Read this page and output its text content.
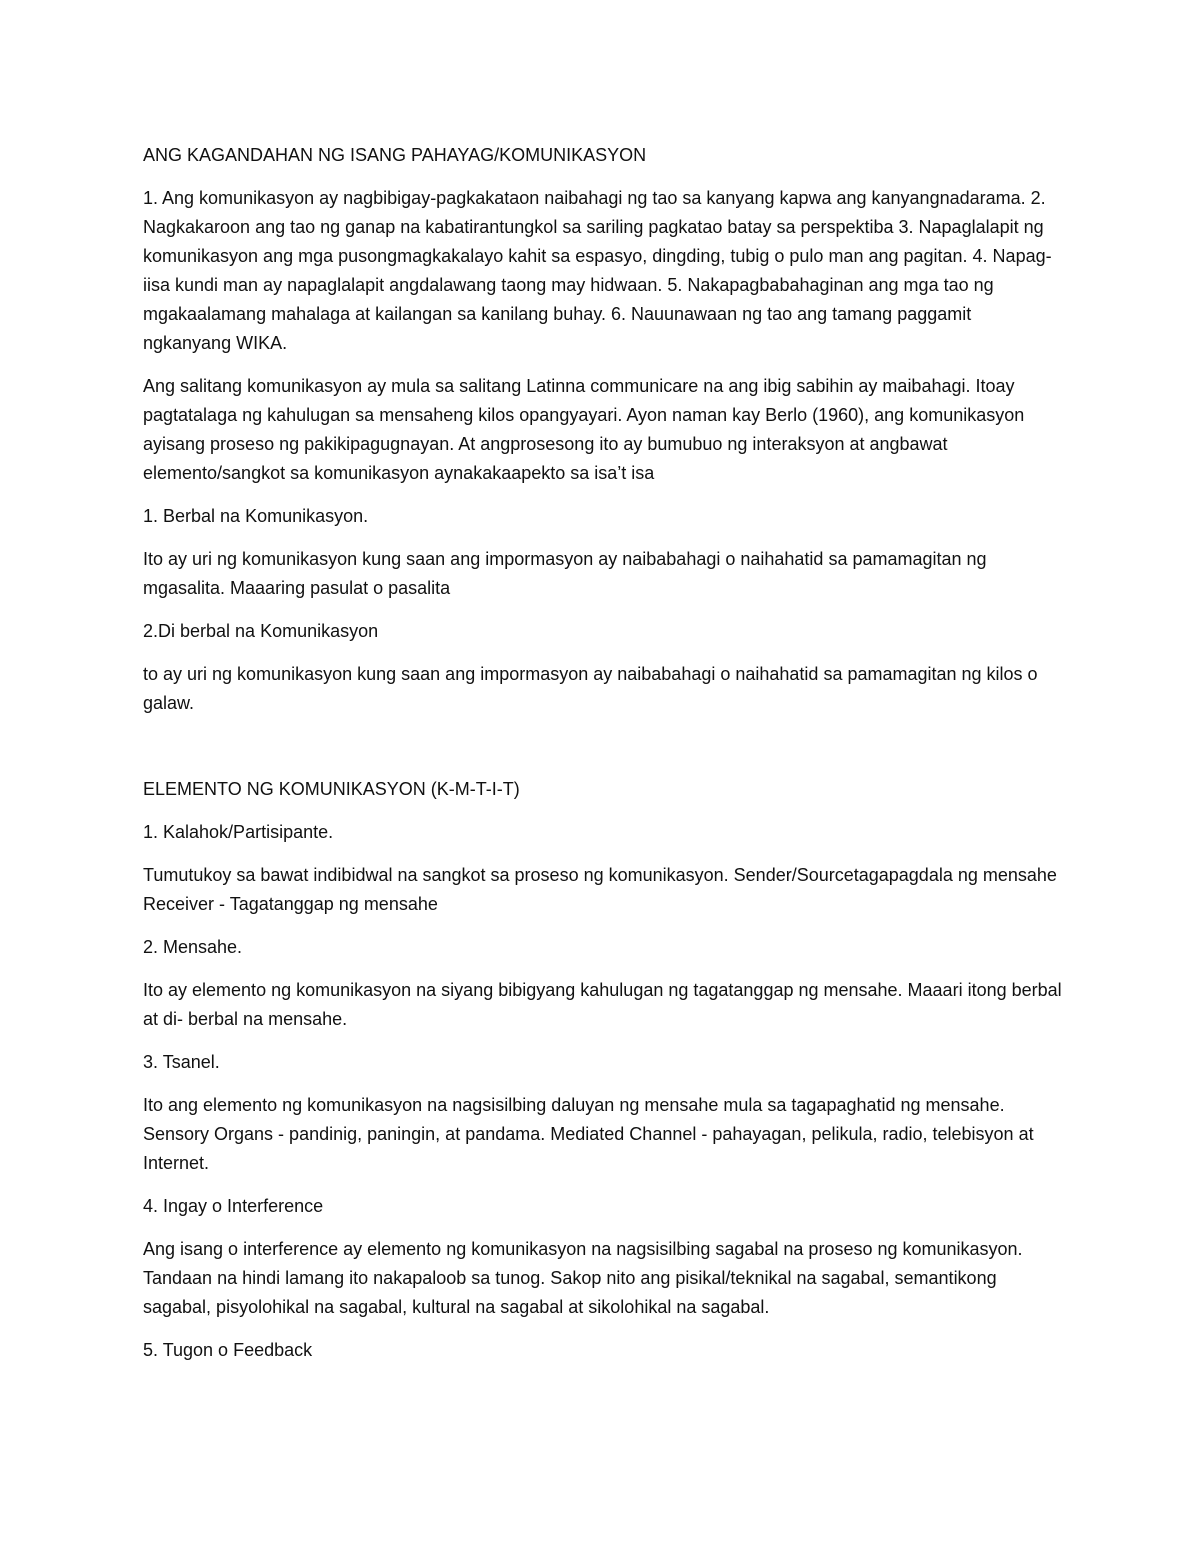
ANG KAGANDAHAN NG ISANG PAHAYAG/KOMUNIKASYON

1. Ang komunikasyon ay nagbibigay-pagkakataon naibahagi ng tao sa kanyang kapwa ang kanyangnadarama. 2. Nagkakaroon ang tao ng ganap na kabatirantungkol sa sariling pagkatao batay sa perspektiba 3. Napaglalapit ng komunikasyon ang mga pusongmagkakalayo kahit sa espasyo, dingding, tubig o pulo man ang pagitan. 4. Napag-iisa kundi man ay napaglalapit angdalawang taong may hidwaan. 5. Nakapagbabahaginan ang mga tao ng mgakaalamang mahalaga at kailangan sa kanilang buhay. 6. Nauunawaan ng tao ang tamang paggamit ngkanyang WIKA.

Ang salitang komunikasyon ay mula sa salitang Latinna communicare na ang ibig sabihin ay maibahagi. Itoay pagtatalaga ng kahulugan sa mensaheng kilos opangyayari. Ayon naman kay Berlo (1960), ang komunikasyon ayisang proseso ng pakikipagugnayan. At angprosesong ito ay bumubuo ng interaksyon at angbawat elemento/sangkot sa komunikasyon aynakakaapekto sa isa’t isa

1. Berbal na Komunikasyon.

Ito ay uri ng komunikasyon kung saan ang impormasyon ay naibabahagi o naihahatid sa pamamagitan ng mgasalita. Maaaring pasulat o pasalita

2.Di berbal na Komunikasyon

to ay uri ng komunikasyon kung saan ang impormasyon ay naibabahagi o naihahatid sa pamamagitan ng kilos o galaw.

ELEMENTO NG KOMUNIKASYON (K-M-T-I-T)

1. Kalahok/Partisipante.

Tumutukoy sa bawat indibidwal na sangkot sa proseso ng komunikasyon. Sender/Sourcetagapagdala ng mensahe Receiver - Tagatanggap ng mensahe

2. Mensahe.

Ito ay elemento ng komunikasyon na siyang bibigyang kahulugan ng tagatanggap ng mensahe. Maaari itong berbal at di- berbal na mensahe.

3. Tsanel.

Ito ang elemento ng komunikasyon na nagsisilbing daluyan ng mensahe mula sa tagapaghatid ng mensahe. Sensory Organs - pandinig, paningin, at pandama. Mediated Channel - pahayagan, pelikula, radio, telebisyon at Internet.

4. Ingay o Interference

Ang isang o interference ay elemento ng komunikasyon na nagsisilbing sagabal na proseso ng komunikasyon. Tandaan na hindi lamang ito nakapaloob sa tunog. Sakop nito ang pisikal/teknikal na sagabal, semantikong sagabal, pisyolohikal na sagabal, kultural na sagabal at sikolohikal na sagabal.

5. Tugon o Feedback
